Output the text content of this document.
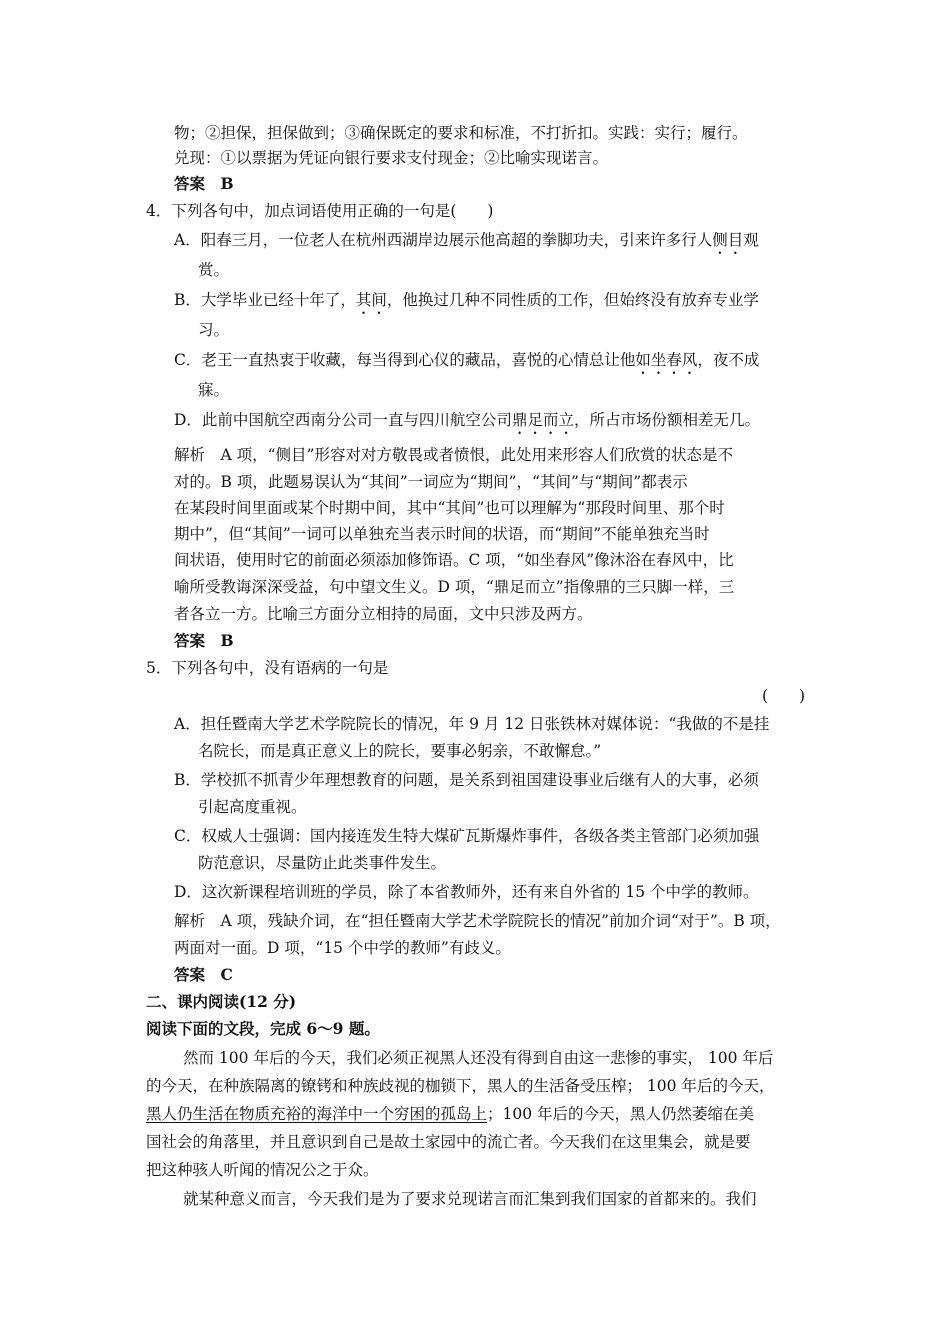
物；②担保，担保做到；③确保既定的要求和标准，不打折扣。实践：实行；履行。
兑现：①以票据为凭证向银行要求支付现金；②比喻实现诺言。
答案　B
4．下列各句中，加点词语使用正确的一句是(　　)
A．阳春三月，一位老人在杭州西湖岸边展示他高超的拳脚功夫，引来许多行人侧目观
赏。
B．大学毕业已经十年了，其间，他换过几种不同性质的工作，但始终没有放弃专业学
习。
C．老王一直热衷于收藏，每当得到心仪的藏品，喜悦的心情总让他如坐春风，夜不成
寐。
D．此前中国航空西南分公司一直与四川航空公司鼎足而立，所占市场份额相差无几。
解析　A 项，“侧目”形容对对方敬畏或者愤恨，此处用来形容人们欣赏的状态是不
对的。B 项，此题易误认为“其间”一词应为“期间”，“其间”与“期间”都表示
在某段时间里面或某个时期中间，其中“其间”也可以理解为“那段时间里、那个时
期中”，但“其间”一词可以单独充当表示时间的状语，而“期间”不能单独充当时
间状语，使用时它的前面必须添加修饰语。C 项，“如坐春风”像沐浴在春风中，比
喻所受教诲深深受益，句中望文生义。D 项，“鼎足而立”指像鼎的三只脚一样，三
者各立一方。比喻三方面分立相持的局面，文中只涉及两方。
答案　B
5．下列各句中，没有语病的一句是
(　　)
A．担任暨南大学艺术学院院长的情况，年 9 月 12 日张铁林对媒体说：“我做的不是挂
名院长，而是真正意义上的院长，要事必躬亲，不敢懈怠。”
B．学校抓不抓青少年理想教育的问题，是关系到祖国建设事业后继有人的大事，必须
引起高度重视。
C．权威人士强调：国内接连发生特大煤矿瓦斯爆炸事件，各级各类主管部门必须加强
防范意识，尽量防止此类事件发生。
D．这次新课程培训班的学员，除了本省教师外，还有来自外省的 15 个中学的教师。
解析　A 项，残缺介词，在“担任暨南大学艺术学院院长的情况”前加介词“对于”。B 项，
两面对一面。D 项，“15 个中学的教师”有歧义。
答案　C
二、课内阅读(12 分)
阅读下面的文段，完成 6～9 题。
然而 100 年后的今天，我们必须正视黑人还没有得到自由这一悲惨的事实， 100 年后
的今天，在种族隔离的镣铐和种族歧视的枷锁下，黑人的生活备受压榨； 100 年后的今天，
黑人仍生活在物质充裕的海洋中一个穷困的孤岛上；100 年后的今天，黑人仍然萎缩在美
国社会的角落里，并且意识到自己是故土家园中的流亡者。今天我们在这里集会，就是要
把这种骇人听闻的情况公之于众。
就某种意义而言，今天我们是为了要求兑现诺言而汇集到我们国家的首都来的。我们
